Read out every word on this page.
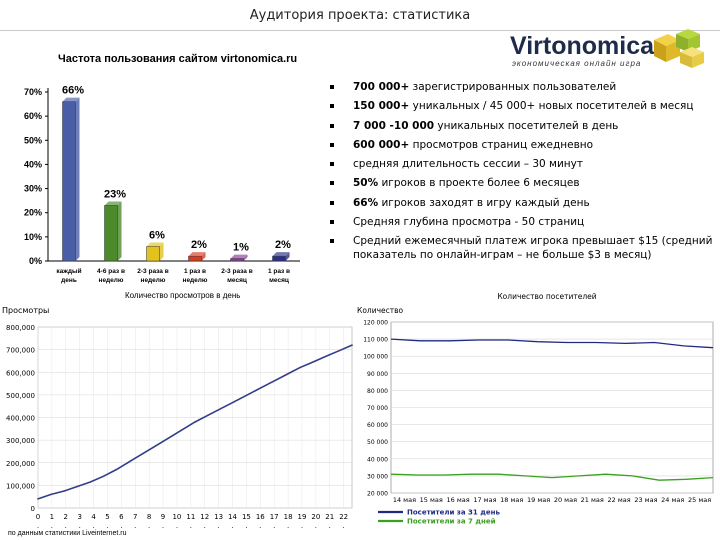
Аудитория проекта: статистика
Virtonomica
экономическая онлайн игра
Частота пользования сайтом virtonomica.ru
0%
10%
20%
30%
40%
50%
60%
70% 66%
каждый
день
23%
4-6 раз в
неделю
6%
2-3 раза в
неделю
2%
1 раз в
неделю
1%
2-3 раза в
месяц
2%
1 раз в
месяц
Количество просмотров в день
700 000+ зарегистрированных пользователей
150 000+ уникальных / 45 000+ новых посетителей в месяц
7 000 -10 000 уникальных посетителей в день
600 000+ просмотров страниц ежедневно
средняя длительность сессии – 30 минут
50% игроков в проекте более 6 месяцев
66% игроков заходят в игру каждый день
Средняя глубина просмотра - 50 страниц
Средний ежемесячный платеж игрока превышает $15 (средний показатель по онлайн-играм – не больше $3 в месяц)
Просмотры
0
100,000
200,000
300,000
400,000
500,000
600,000
700,000
800,000
0
·
1
·
2
·
3
·
4
·
5
·
6
·
7
·
8
·
9
·
10
·
11
·
12
·
13
·
14
·
15
·
16
·
17
·
18
·
19
·
20
·
21
·
22
·
Количество посетителей
Количество
20 000
30 000
40 000
50 000
60 000
70 000
80 000
90 000
100 000
110 000
120 000
14 мая 15 мая 16 мая 17 мая 18 мая 19 мая 20 мая 21 мая 22 мая 23 мая 24 мая 25 мая
Посетители за 31 день
Посетители за 7 дней
по данным статистики Liveinternet.ru
